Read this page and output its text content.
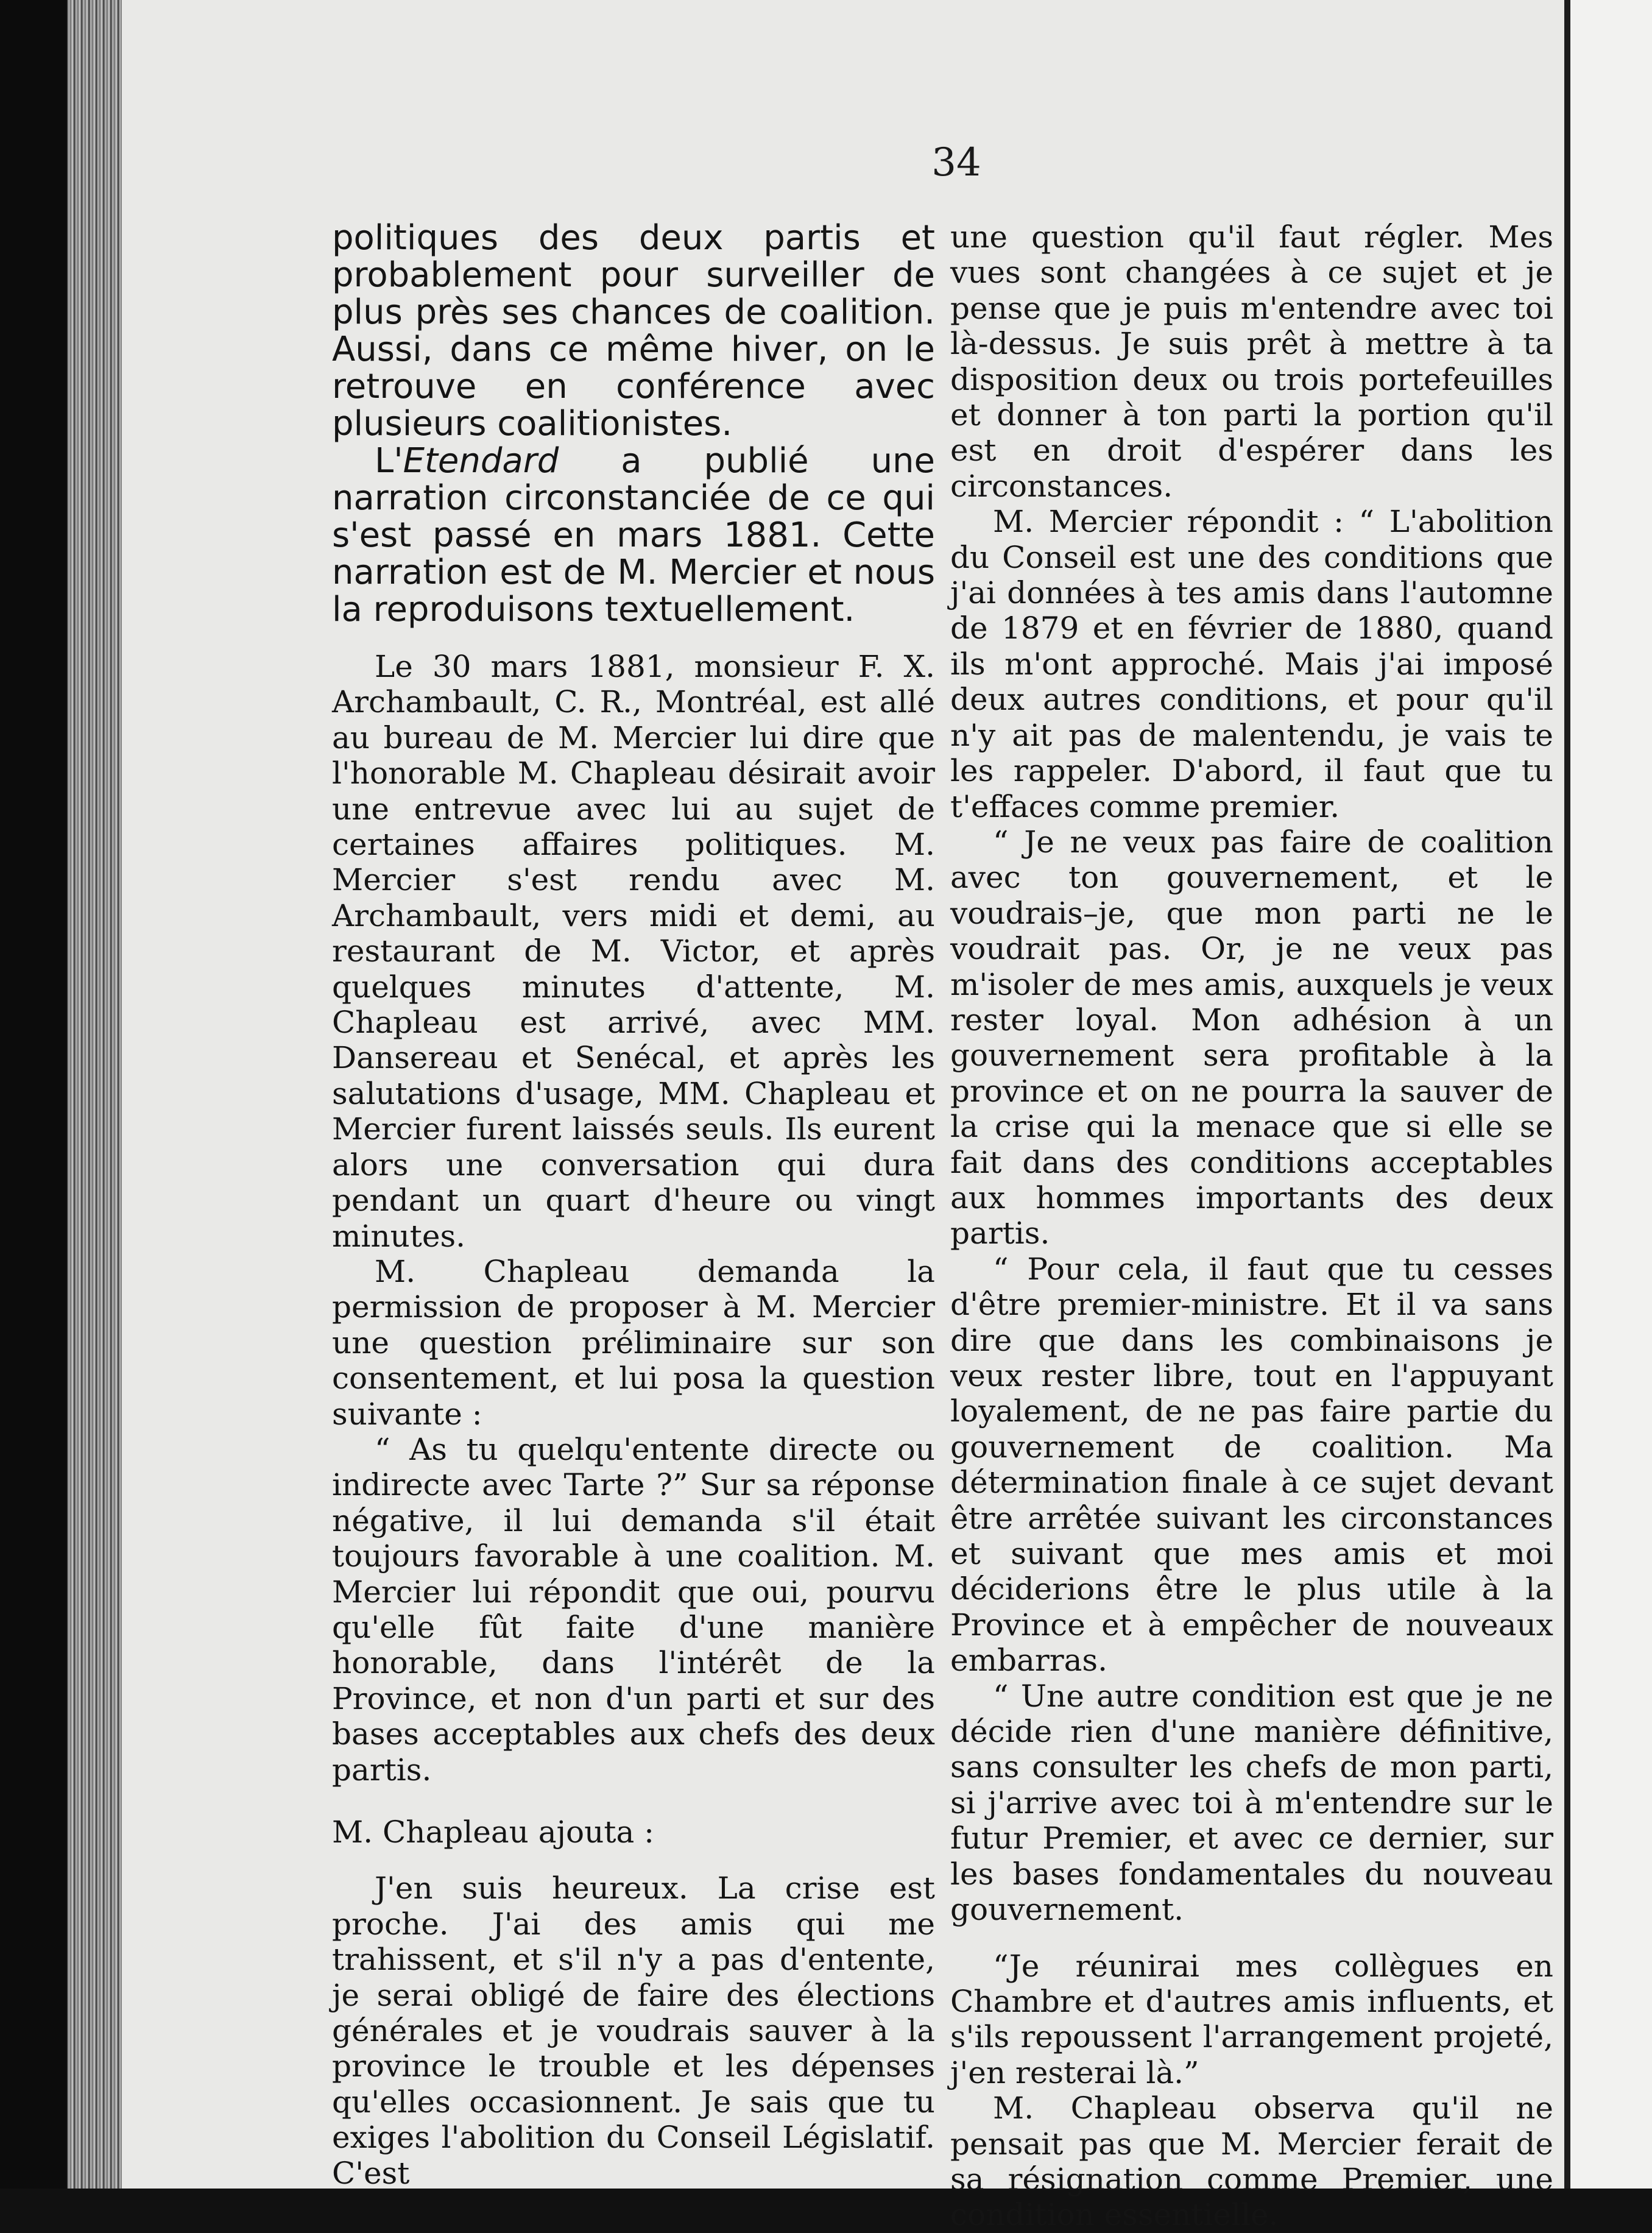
34

politiques des deux partis et probablement pour surveiller de plus près ses chances de coalition. Aussi, dans ce même hiver, on le retrouve en conférence avec plusieurs coalitionistes.

L'Etendard a publié une narration circonstanciée de ce qui s'est passé en mars 1881. Cette narration est de M. Mercier et nous la reproduisons textuellement.

Le 30 mars 1881, monsieur F. X. Archambault, C. R., Montréal, est allé au bureau de M. Mercier lui dire que l'honorable M. Chapleau désirait avoir une entrevue avec lui au sujet de certaines affaires politiques. M. Mercier s'est rendu avec M. Archambault, vers midi et demi, au restaurant de M. Victor, et après quelques minutes d'attente, M. Chapleau est arrivé, avec MM. Dansereau et Senécal, et après les salutations d'usage, MM. Chapleau et Mercier furent laissés seuls. Ils eurent alors une conversation qui dura pendant un quart d'heure ou vingt minutes.

M. Chapleau demanda la permission de proposer à M. Mercier une question préliminaire sur son consentement, et lui posa la question suivante :

“ As tu quelqu'entente directe ou indirecte avec Tarte ?” Sur sa réponse négative, il lui demanda s'il était toujours favorable à une coalition. M. Mercier lui répondit que oui, pourvu qu'elle fût faite d'une manière honorable, dans l'intérêt de la Province, et non d'un parti et sur des bases acceptables aux chefs des deux partis.

M. Chapleau ajouta :

J'en suis heureux. La crise est proche. J'ai des amis qui me trahissent, et s'il n'y a pas d'entente, je serai obligé de faire des élections générales et je voudrais sauver à la province le trouble et les dépenses qu'elles occasionnent. Je sais que tu exiges l'abolition du Conseil Législatif. C'est

une question qu'il faut régler. Mes vues sont changées à ce sujet et je pense que je puis m'entendre avec toi là-dessus. Je suis prêt à mettre à ta disposition deux ou trois portefeuilles et donner à ton parti la portion qu'il est en droit d'espérer dans les circonstances.

M. Mercier répondit : “ L'abolition du Conseil est une des conditions que j'ai données à tes amis dans l'automne de 1879 et en février de 1880, quand ils m'ont approché. Mais j'ai imposé deux autres conditions, et pour qu'il n'y ait pas de malentendu, je vais te les rappeler. D'abord, il faut que tu t'effaces comme premier.

“ Je ne veux pas faire de coalition avec ton gouvernement, et le voudrais–je, que mon parti ne le voudrait pas. Or, je ne veux pas m'isoler de mes amis, auxquels je veux rester loyal. Mon adhésion à un gouvernement sera profitable à la province et on ne pourra la sauver de la crise qui la menace que si elle se fait dans des conditions acceptables aux hommes importants des deux partis.

“ Pour cela, il faut que tu cesses d'être premier-ministre. Et il va sans dire que dans les combinaisons je veux rester libre, tout en l'appuyant loyalement, de ne pas faire partie du gouvernement de coalition. Ma détermination finale à ce sujet devant être arrêtée suivant les circonstances et suivant que mes amis et moi déciderions être le plus utile à la Province et à empêcher de nouveaux embarras.

“ Une autre condition est que je ne décide rien d'une manière définitive, sans consulter les chefs de mon parti, si j'arrive avec toi à m'entendre sur le futur Premier, et avec ce dernier, sur les bases fondamentales du nouveau gouvernement.

“Je réunirai mes collègues en Chambre et d'autres amis influents, et s'ils repoussent l'arrangement projeté, j'en resterai là.”

M. Chapleau observa qu'il ne pensait pas que M. Mercier ferait de sa résignation comme Premier, une condition essentielle.
